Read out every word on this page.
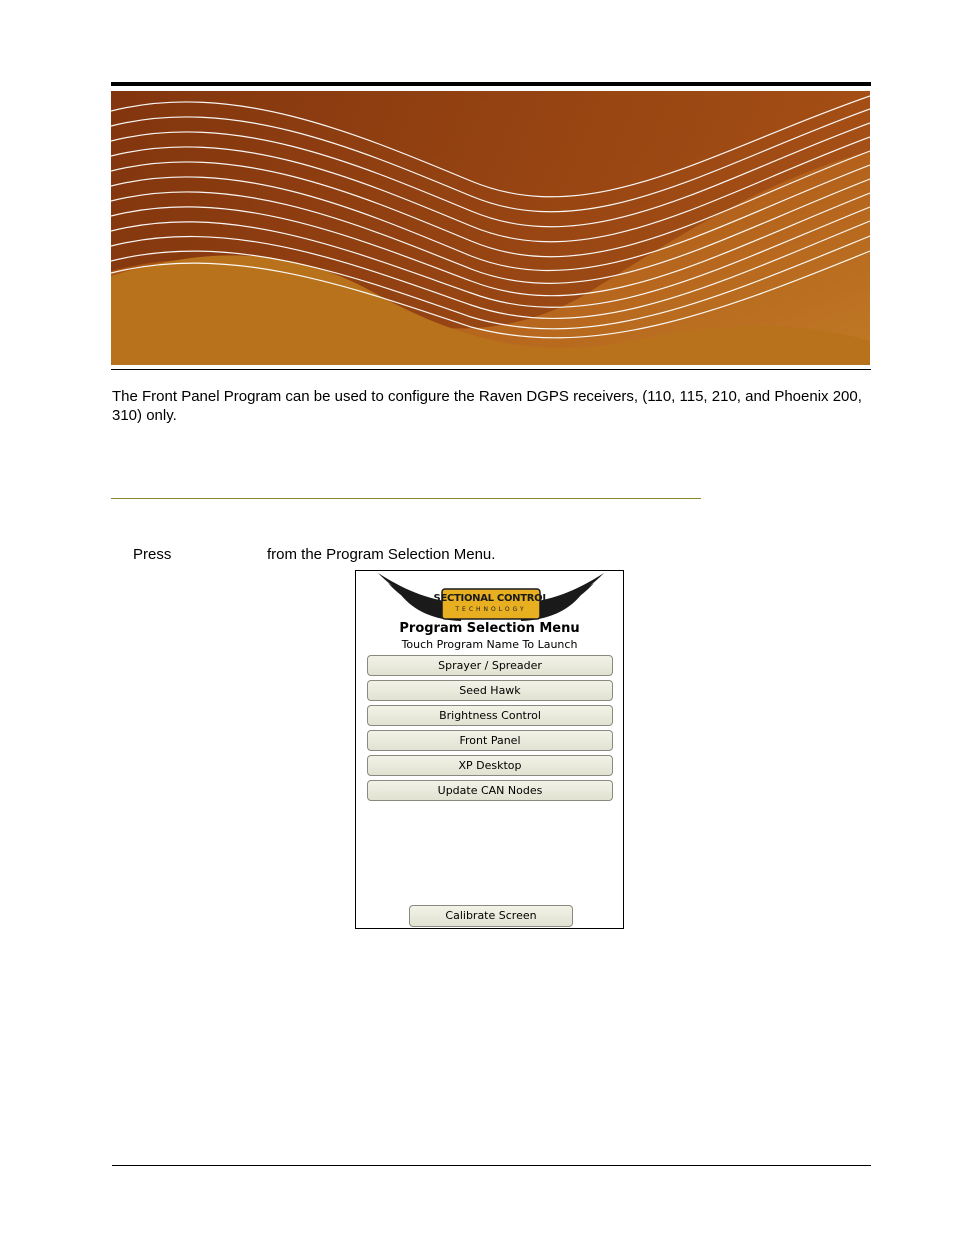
The Front Panel Program can be used to configure the Raven DGPS receivers, (110, 115, 210, and Phoenix 200, 310) only.

Press	from the Program Selection Menu.
SECTIONAL CONTROL
TECHNOLOGY
Program Selection Menu
Touch Program Name To Launch
Sprayer / Spreader
Seed Hawk
Brightness Control
Front Panel
XP Desktop
Update CAN Nodes
Calibrate Screen
